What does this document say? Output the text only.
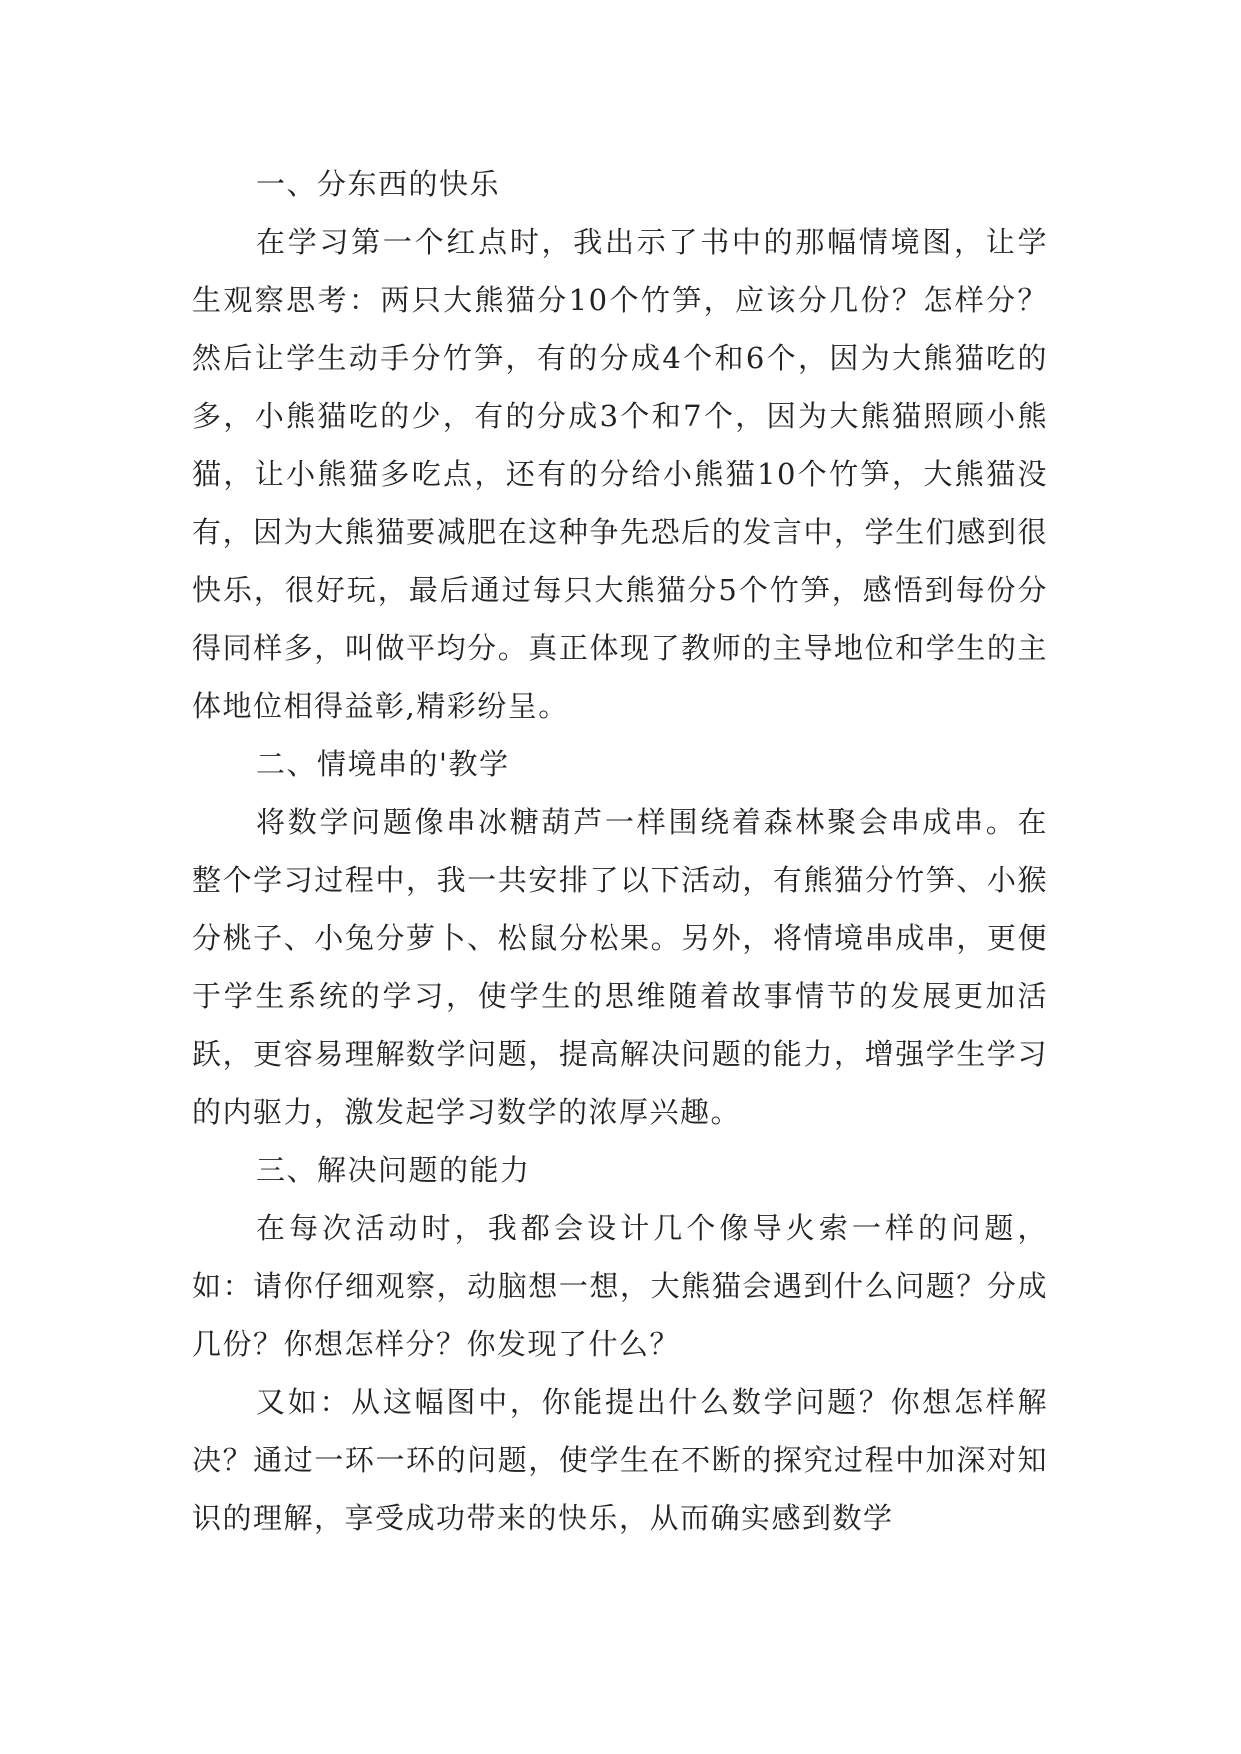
一、分东西的快乐

在学习第一个红点时，我出示了书中的那幅情境图，让学生观察思考：两只大熊猫分10个竹笋，应该分几份？怎样分？然后让学生动手分竹笋，有的分成4个和6个，因为大熊猫吃的多，小熊猫吃的少，有的分成3个和7个，因为大熊猫照顾小熊猫，让小熊猫多吃点，还有的分给小熊猫10个竹笋，大熊猫没有，因为大熊猫要减肥在这种争先恐后的发言中，学生们感到很快乐，很好玩，最后通过每只大熊猫分5个竹笋，感悟到每份分得同样多，叫做平均分。真正体现了教师的主导地位和学生的主体地位相得益彰,精彩纷呈。

二、情境串的'教学

将数学问题像串冰糖葫芦一样围绕着森林聚会串成串。在整个学习过程中，我一共安排了以下活动，有熊猫分竹笋、小猴分桃子、小兔分萝卜、松鼠分松果。另外，将情境串成串，更便于学生系统的学习，使学生的思维随着故事情节的发展更加活跃，更容易理解数学问题，提高解决问题的能力，增强学生学习的内驱力，激发起学习数学的浓厚兴趣。

三、解决问题的能力

在每次活动时，我都会设计几个像导火索一样的问题，如：请你仔细观察，动脑想一想，大熊猫会遇到什么问题？分成几份？你想怎样分？你发现了什么？

又如：从这幅图中，你能提出什么数学问题？你想怎样解决？通过一环一环的问题，使学生在不断的探究过程中加深对知识的理解，享受成功带来的快乐，从而确实感到数学
